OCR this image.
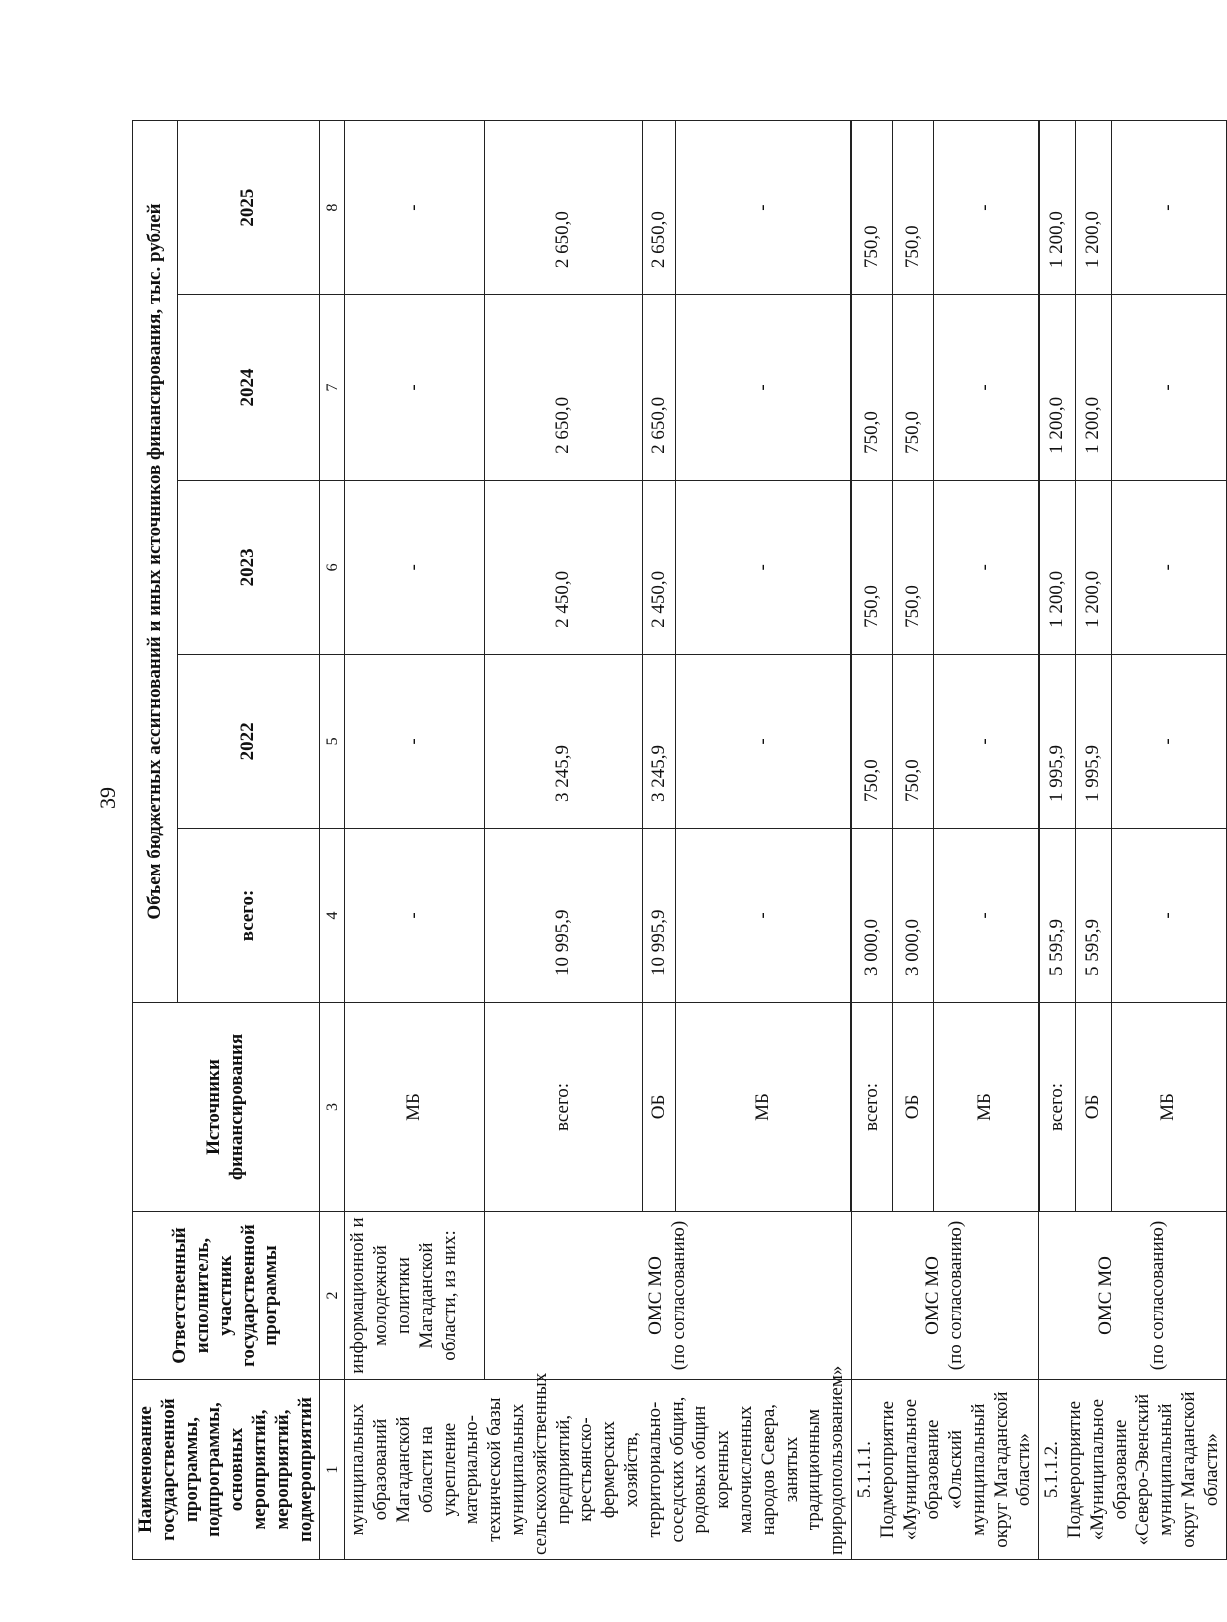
39
Наименование государственной программы, подпрограммы, основных мероприятий, мероприятий, подмероприятий	Ответственный исполнитель, участник государственной программы	Источники финансирования	Объем бюджетных ассигнований и иных источников финансирования, тыс. рублей				
			всего:	2022	2023	2024	2025
1	2	3	4	5	6	7	8
муниципальных образований Магаданской области на укрепление материально-технической базы муниципальных сельскохозяйственных предприятий, крестьянско-фермерских хозяйств, территориально-соседских общин, родовых общин коренных малочисленных народов Севера, занятых традиционным природопользованием»	информационной и молодежной политики Магаданской области, из них:	МБ	-	-	-	-	-

	ОМС МО (по согласованию)	всего:	10 995,9	3 245,9	2 450,0	2 650,0	2 650,0
		ОБ	10 995,9	3 245,9	2 450,0	2 650,0	2 650,0
		МБ	-	-	-	-	-
5.1.1.1. Подмероприятие «Муниципальное образование «Ольский муниципальный округ Магаданской области»	ОМС МО (по согласованию)	всего:	3 000,0	750,0	750,0	750,0	750,0
		ОБ	3 000,0	750,0	750,0	750,0	750,0
		МБ	-	-	-	-	-
5.1.1.2. Подмероприятие «Муниципальное образование «Северо-Эвенский муниципальный округ Магаданской области»	ОМС МО (по согласованию)	всего:	5 595,9	1 995,9	1 200,0	1 200,0	1 200,0
		ОБ	5 595,9	1 995,9	1 200,0	1 200,0	1 200,0
		МБ	-	-	-	-	-
